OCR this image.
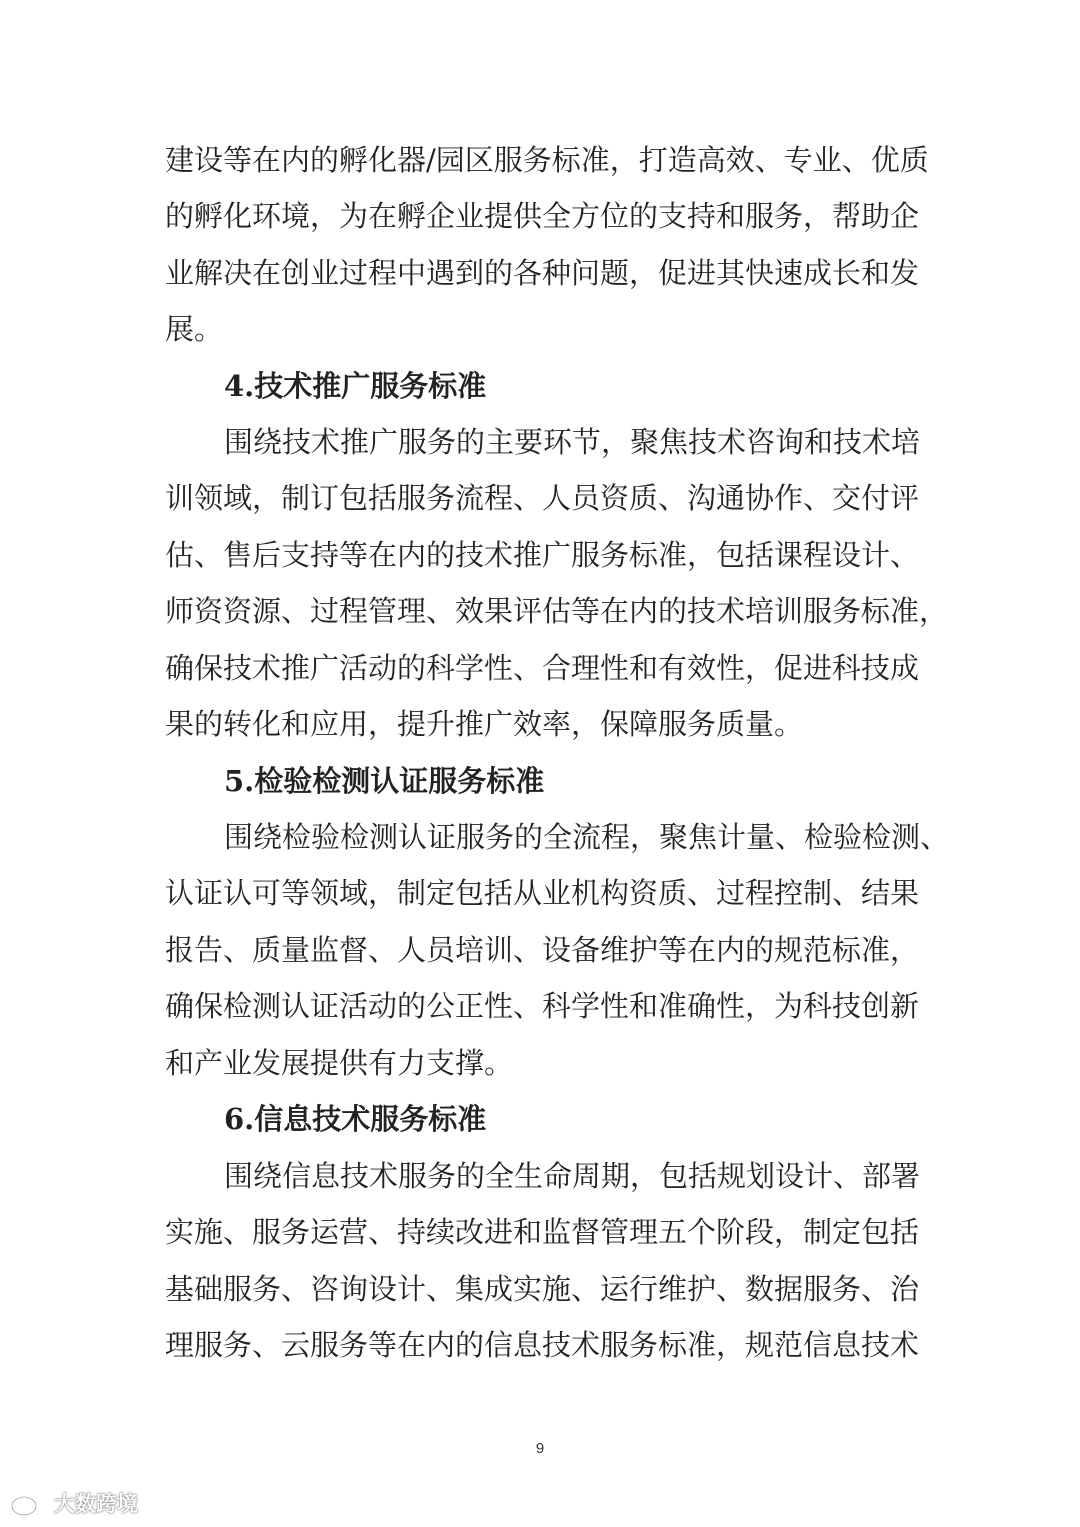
建设等在内的孵化器/园区服务标准，打造高效、专业、优质
的孵化环境，为在孵企业提供全方位的支持和服务，帮助企
业解决在创业过程中遇到的各种问题，促进其快速成长和发
展。
4.技术推广服务标准
围绕技术推广服务的主要环节，聚焦技术咨询和技术培
训领域，制订包括服务流程、人员资质、沟通协作、交付评
估、售后支持等在内的技术推广服务标准，包括课程设计、
师资资源、过程管理、效果评估等在内的技术培训服务标准，
确保技术推广活动的科学性、合理性和有效性，促进科技成
果的转化和应用，提升推广效率，保障服务质量。
5.检验检测认证服务标准
围绕检验检测认证服务的全流程，聚焦计量、检验检测、
认证认可等领域，制定包括从业机构资质、过程控制、结果
报告、质量监督、人员培训、设备维护等在内的规范标准，
确保检测认证活动的公正性、科学性和准确性，为科技创新
和产业发展提供有力支撑。
6.信息技术服务标准
围绕信息技术服务的全生命周期，包括规划设计、部署
实施、服务运营、持续改进和监督管理五个阶段，制定包括
基础服务、咨询设计、集成实施、运行维护、数据服务、治
理服务、云服务等在内的信息技术服务标准，规范信息技术
9
大数跨境
